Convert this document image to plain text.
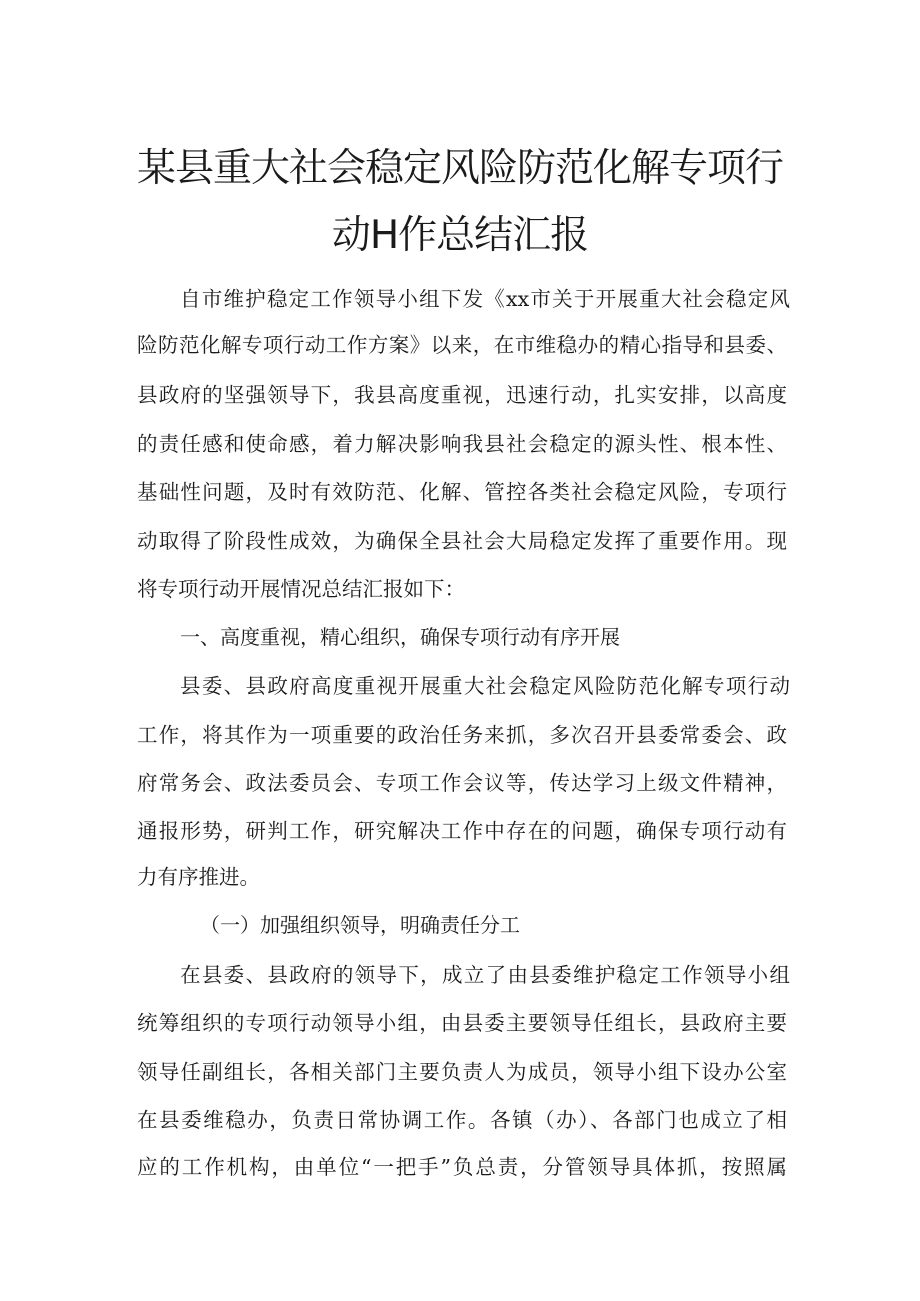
某县重大社会稳定风险防范化解专项行
动H作总结汇报
自市维护稳定工作领导小组下发《xx市关于开展重大社会稳定风
险防范化解专项行动工作方案》以来，在市维稳办的精心指导和县委、
县政府的坚强领导下，我县高度重视，迅速行动，扎实安排，以高度
的责任感和使命感，着力解决影响我县社会稳定的源头性、根本性、
基础性问题，及时有效防范、化解、管控各类社会稳定风险，专项行
动取得了阶段性成效，为确保全县社会大局稳定发挥了重要作用。现
将专项行动开展情况总结汇报如下：
一、高度重视，精心组织，确保专项行动有序开展
县委、县政府高度重视开展重大社会稳定风险防范化解专项行动
工作，将其作为一项重要的政治任务来抓，多次召开县委常委会、政
府常务会、政法委员会、专项工作会议等，传达学习上级文件精神，
通报形势，研判工作，研究解决工作中存在的问题，确保专项行动有
力有序推进。
（一）加强组织领导，明确责任分工
在县委、县政府的领导下，成立了由县委维护稳定工作领导小组
统筹组织的专项行动领导小组，由县委主要领导任组长，县政府主要
领导任副组长，各相关部门主要负责人为成员，领导小组下设办公室
在县委维稳办，负责日常协调工作。各镇（办）、各部门也成立了相
应的工作机构，由单位“一把手”负总责，分管领导具体抓，按照属
